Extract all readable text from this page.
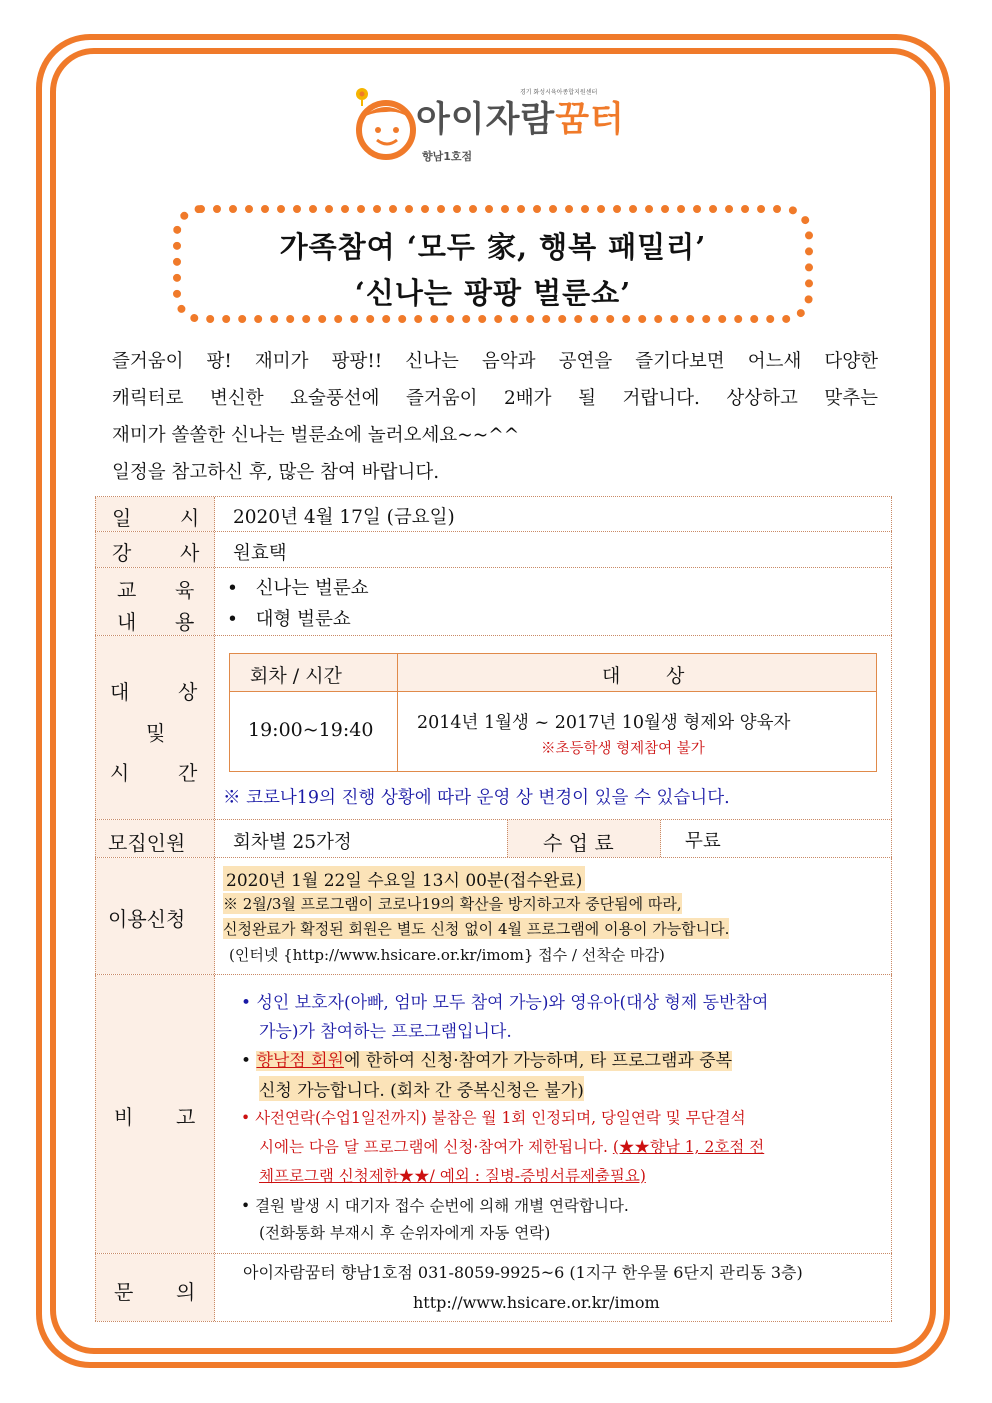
경기 화성시육아종합지원센터
아이자람꿈터
향남1호점
가족참여 ‘모두 家, 행복 패밀리’
‘신나는 팡팡 벌룬쇼’

즐거움이 팡! 재미가 팡팡!! 신나는 음악과 공연을 즐기다보면 어느새 다양한

캐릭터로 변신한 요술풍선에 즐거움이 2배가 될 거랍니다. 상상하고 맞추는

재미가 쏠쏠한 신나는 벌룬쇼에 놀러오세요~~^^

일정을 참고하신 후, 많은 참여 바랍니다.

일 시 2020년 4월 17일 (금요일)
강 사 원효택
교 육
내 용
•   신나는 벌룬쇼
•   대형 벌룬쇼
대 상
및
시 간
회차 / 시간	대 상
19:00~19:40 2014년 1월생 ~ 2017년 10월생 형제와 양육자
※초등학생 형제참여 불가
※ 코로나19의 진행 상황에 따라 운영 상 변경이 있을 수 있습니다.
모집인원	회차별 25가정	수 업 료	무료
이용신청
2020년 1월 22일 수요일 13시 00분(접수완료)
※ 2월/3월 프로그램이 코로나19의 확산을 방지하고자 중단됨에 따라,
신청완료가 확정된 회원은 별도 신청 없이 4월 프로그램에 이용이 가능합니다.
(인터넷 {http://www.hsicare.or.kr/imom} 접수 / 선착순 마감)
비 고
• 성인 보호자(아빠, 엄마 모두 참여 가능)와 영유아(대상 형제 동반참여
가능)가 참여하는 프로그램입니다.
• 향남점 회원에 한하여 신청·참여가 가능하며, 타 프로그램과 중복
신청 가능합니다. (회차 간 중복신청은 불가)
• 사전연락(수업1일전까지) 불참은 월 1회 인정되며, 당일연락 및 무단결석
시에는 다음 달 프로그램에 신청·참여가 제한됩니다. (★★향남 1, 2호점 전
체프로그램 신청제한★★/ 예외 : 질병-증빙서류제출필요)
• 결원 발생 시 대기자 접수 순번에 의해 개별 연락합니다.
(전화통화 부재시 후 순위자에게 자동 연락)
문 의
아이자람꿈터 향남1호점 031-8059-9925~6 (1지구 한우물 6단지 관리동 3층)
http://www.hsicare.or.kr/imom
